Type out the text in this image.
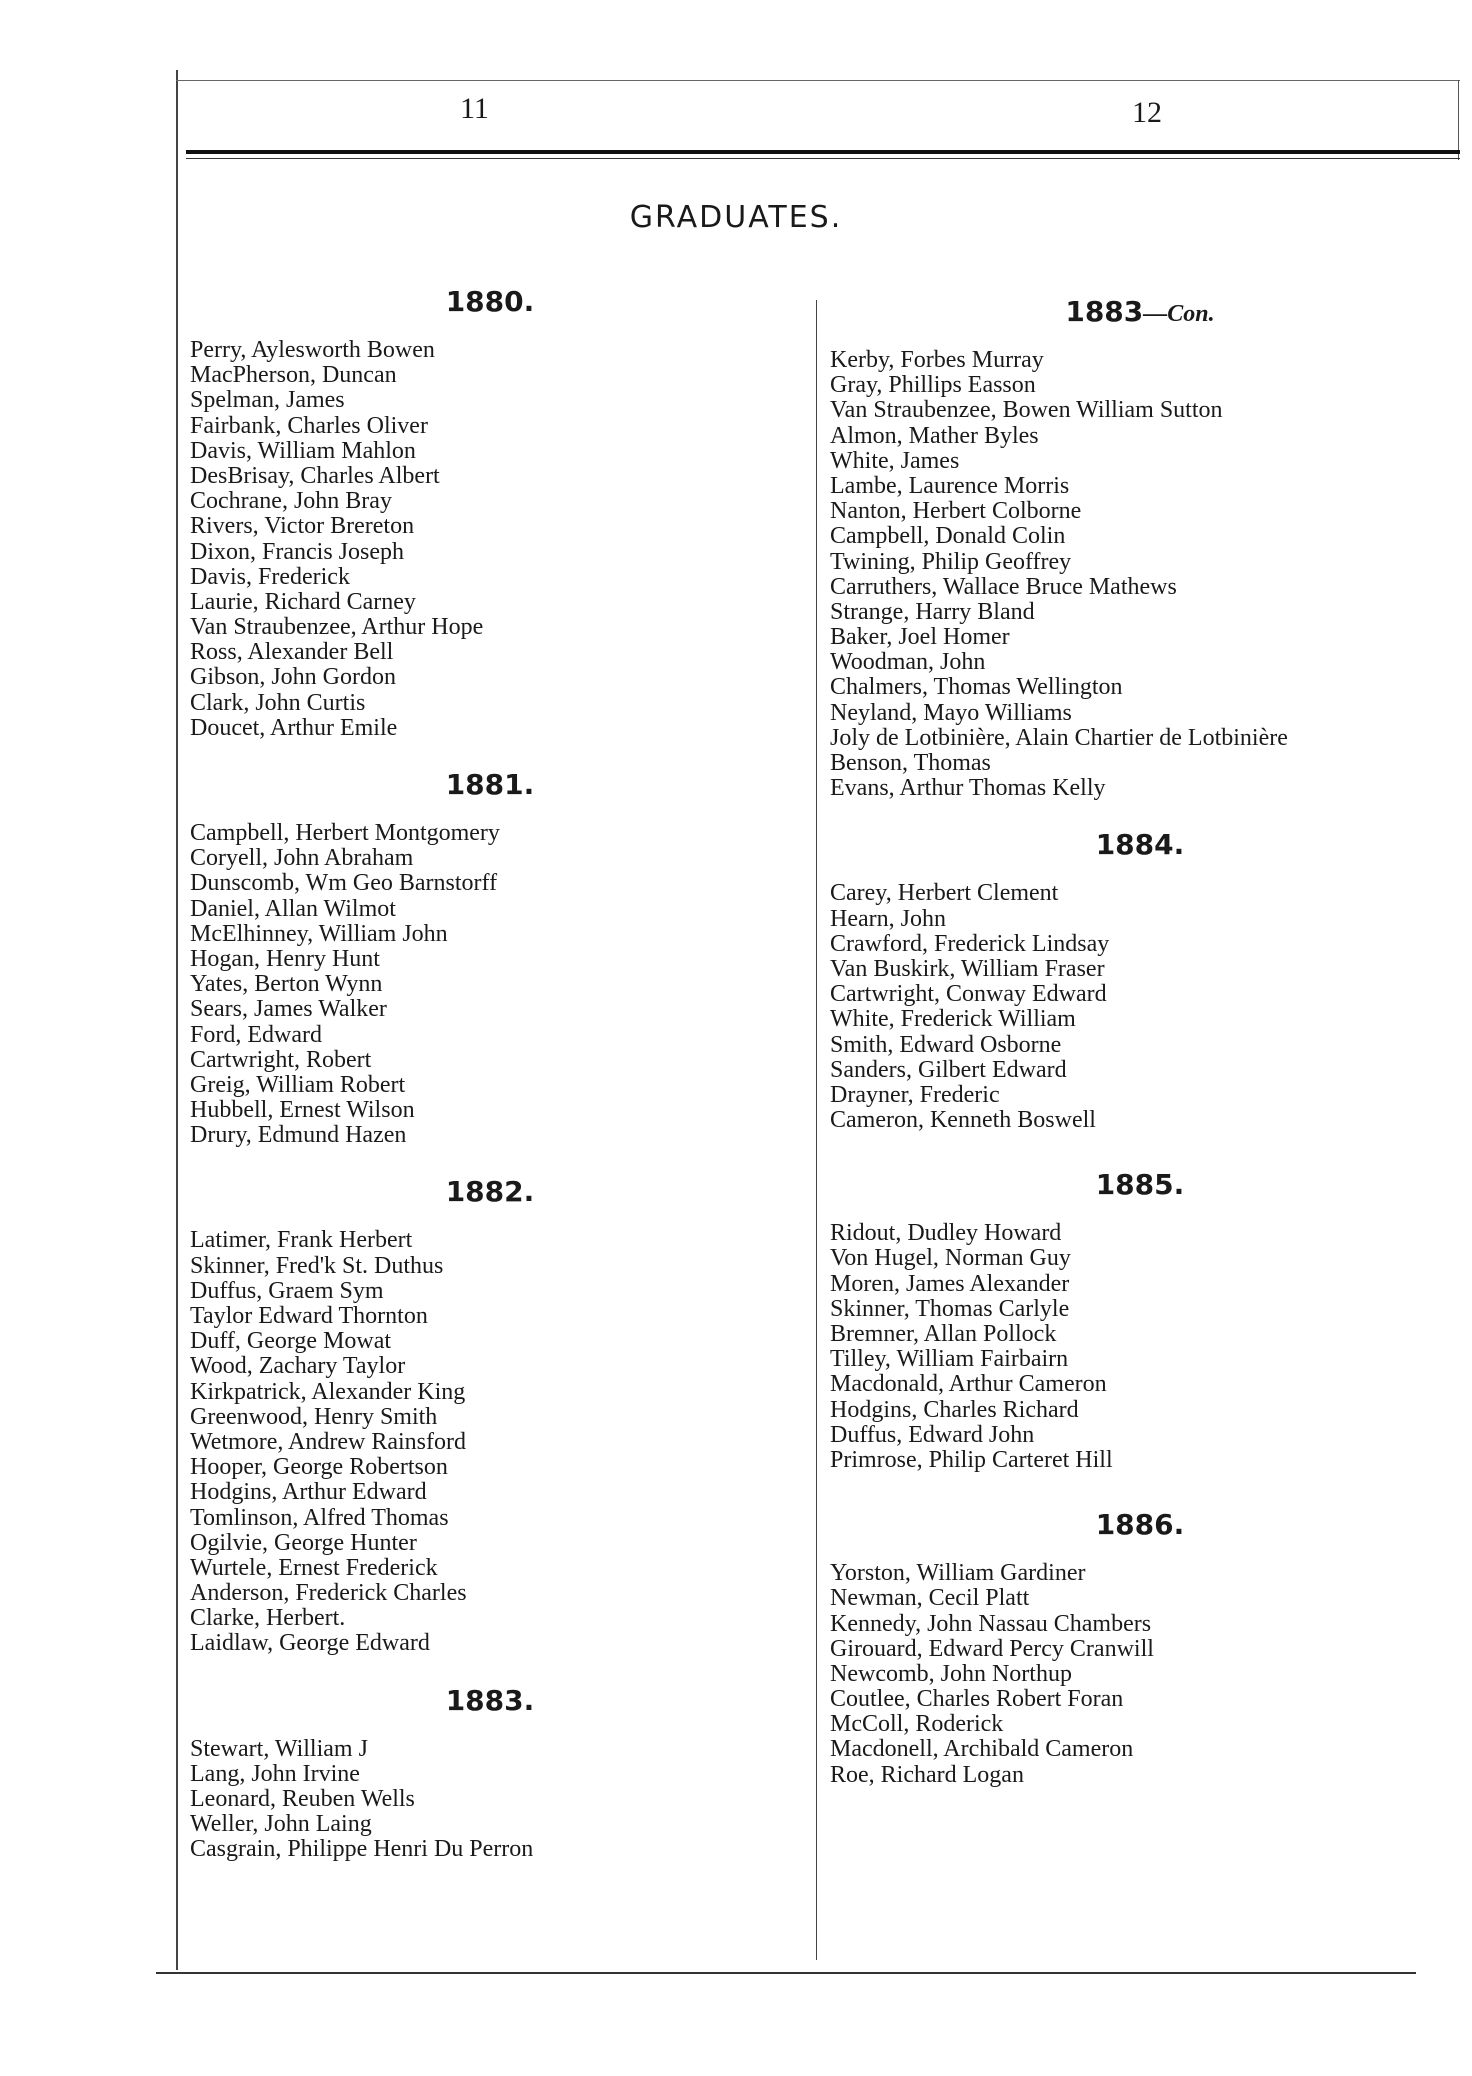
11	12
GRADUATES.
1880.
Perry, Aylesworth Bowen
MacPherson, Duncan
Spelman, James
Fairbank, Charles Oliver
Davis, William Mahlon
DesBrisay, Charles Albert
Cochrane, John Bray
Rivers, Victor Brereton
Dixon, Francis Joseph
Davis, Frederick
Laurie, Richard Carney
Van Straubenzee, Arthur Hope
Ross, Alexander Bell
Gibson, John Gordon
Clark, John Curtis
Doucet, Arthur Emile
1881.
Campbell, Herbert Montgomery
Coryell, John Abraham
Dunscomb, Wm Geo Barnstorff
Daniel, Allan Wilmot
McElhinney, William John
Hogan, Henry Hunt
Yates, Berton Wynn
Sears, James Walker
Ford, Edward
Cartwright, Robert
Greig, William Robert
Hubbell, Ernest Wilson
Drury, Edmund Hazen
1882.
Latimer, Frank Herbert
Skinner, Fred'k St. Duthus
Duffus, Graem Sym
Taylor Edward Thornton
Duff, George Mowat
Wood, Zachary Taylor
Kirkpatrick, Alexander King
Greenwood, Henry Smith
Wetmore, Andrew Rainsford
Hooper, George Robertson
Hodgins, Arthur Edward
Tomlinson, Alfred Thomas
Ogilvie, George Hunter
Wurtele, Ernest Frederick
Anderson, Frederick Charles
Clarke, Herbert.
Laidlaw, George Edward
1883.
Stewart, William J
Lang, John Irvine
Leonard, Reuben Wells
Weller, John Laing
Casgrain, Philippe Henri Du Perron
1883—Con.
Kerby, Forbes Murray
Gray, Phillips Easson
Van Straubenzee, Bowen William Sutton
Almon, Mather Byles
White, James
Lambe, Laurence Morris
Nanton, Herbert Colborne
Campbell, Donald Colin
Twining, Philip Geoffrey
Carruthers, Wallace Bruce Mathews
Strange, Harry Bland
Baker, Joel Homer
Woodman, John
Chalmers, Thomas Wellington
Neyland, Mayo Williams
Joly de Lotbinière, Alain Chartier de Lotbinière
Benson, Thomas
Evans, Arthur Thomas Kelly
1884.
Carey, Herbert Clement
Hearn, John
Crawford, Frederick Lindsay
Van Buskirk, William Fraser
Cartwright, Conway Edward
White, Frederick William
Smith, Edward Osborne
Sanders, Gilbert Edward
Drayner, Frederic
Cameron, Kenneth Boswell
1885.
Ridout, Dudley Howard
Von Hugel, Norman Guy
Moren, James Alexander
Skinner, Thomas Carlyle
Bremner, Allan Pollock
Tilley, William Fairbairn
Macdonald, Arthur Cameron
Hodgins, Charles Richard
Duffus, Edward John
Primrose, Philip Carteret Hill
1886.
Yorston, William Gardiner
Newman, Cecil Platt
Kennedy, John Nassau Chambers
Girouard, Edward Percy Cranwill
Newcomb, John Northup
Coutlee, Charles Robert Foran
McColl, Roderick
Macdonell, Archibald Cameron
Roe, Richard Logan
